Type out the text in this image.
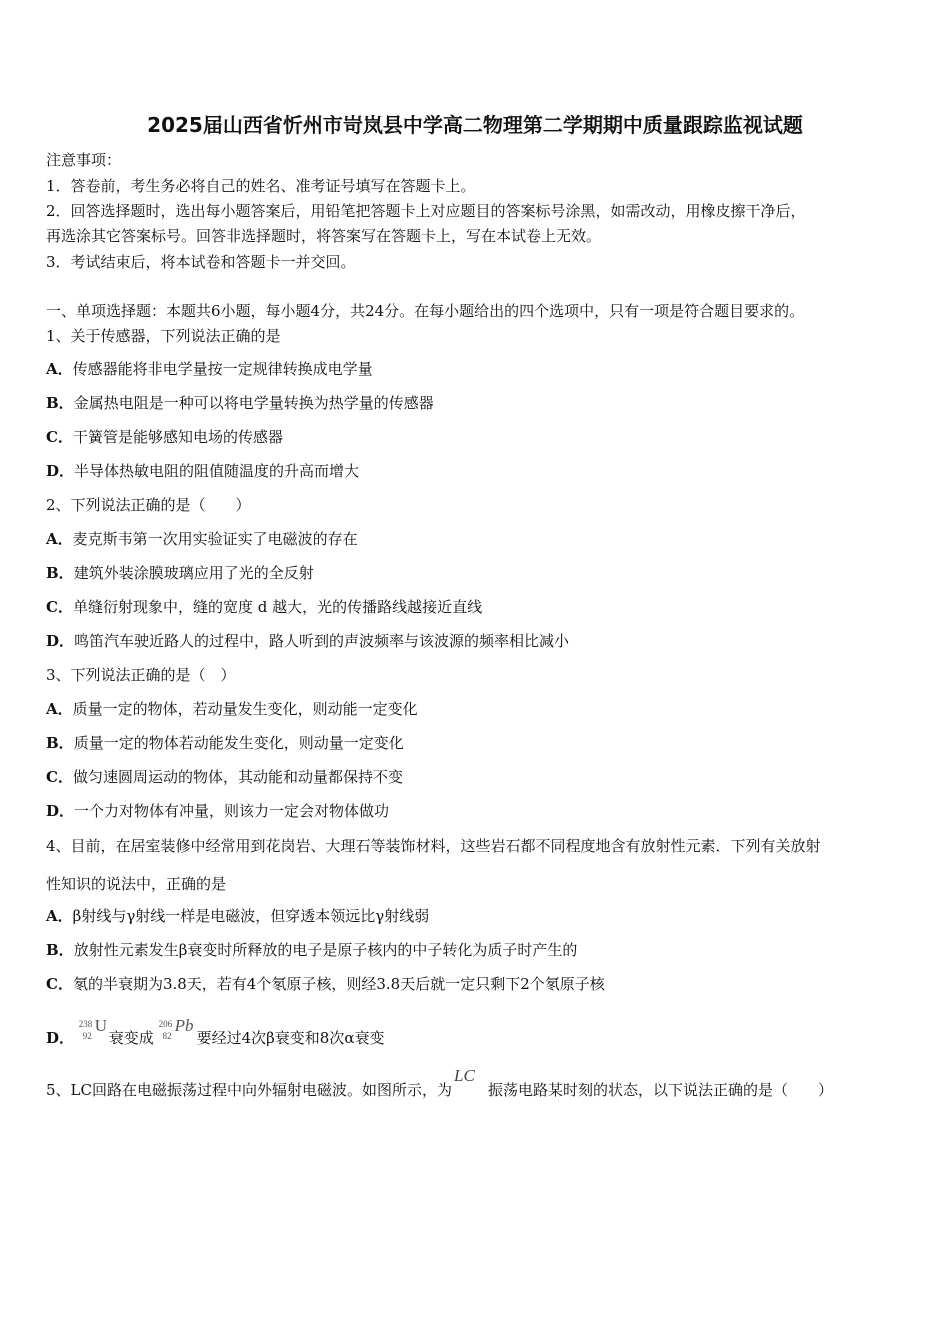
2025届山西省忻州市岢岚县中学高二物理第二学期期中质量跟踪监视试题
注意事项：
1．答卷前，考生务必将自己的姓名、准考证号填写在答题卡上。
2．回答选择题时，选出每小题答案后，用铅笔把答题卡上对应题目的答案标号涂黑，如需改动，用橡皮擦干净后，
再选涂其它答案标号。回答非选择题时，将答案写在答题卡上，写在本试卷上无效。
3．考试结束后，将本试卷和答题卡一并交回。
一、单项选择题：本题共6小题，每小题4分，共24分。在每小题给出的四个选项中，只有一项是符合题目要求的。
1、关于传感器，下列说法正确的是
A．传感器能将非电学量按一定规律转换成电学量
B．金属热电阻是一种可以将电学量转换为热学量的传感器
C．干簧管是能够感知电场的传感器
D．半导体热敏电阻的阻值随温度的升高而增大
2、下列说法正确的是（　　）
A．麦克斯韦第一次用实验证实了电磁波的存在
B．建筑外装涂膜玻璃应用了光的全反射
C．单缝衍射现象中，缝的宽度 d 越大，光的传播路线越接近直线
D．鸣笛汽车驶近路人的过程中，路人听到的声波频率与该波源的频率相比减小
3、下列说法正确的是（　）
A．质量一定的物体，若动量发生变化，则动能一定变化
B．质量一定的物体若动能发生变化，则动量一定变化
C．做匀速圆周运动的物体，其动能和动量都保持不变
D．一个力对物体有冲量，则该力一定会对物体做功
4、目前，在居室装修中经常用到花岗岩、大理石等装饰材料，这些岩石都不同程度地含有放射性元素．下列有关放射
性知识的说法中，正确的是
A．β射线与γ射线一样是电磁波，但穿透本领远比γ射线弱
B．放射性元素发生β衰变时所释放的电子是原子核内的中子转化为质子时产生的
C．氡的半衰期为3.8天，若有4个氡原子核，则经3.8天后就一定只剩下2个氡原子核
D．
238
92
U
衰变成
206
82
Pb
要经过4次β衰变和8次α衰变
5、LC回路在电磁振荡过程中向外辐射电磁波。如图所示，为LC振荡电路某时刻的状态，以下说法正确的是（　　）
